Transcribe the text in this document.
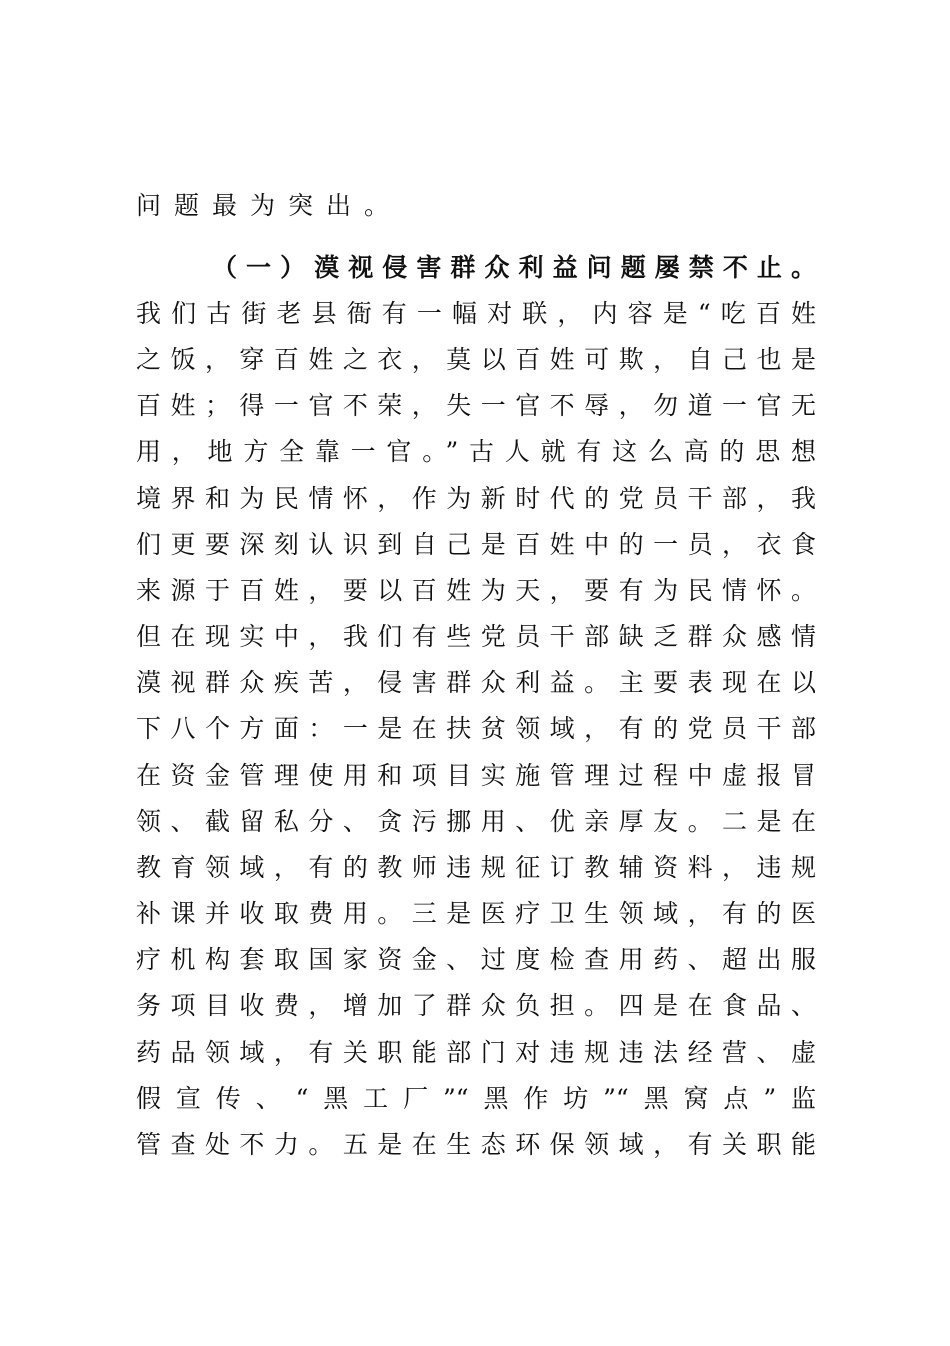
问题最为突出。
（一）漠视侵害群众利益问题屡禁不止。
我们古街老县衙有一幅对联，内容是“吃百姓
之饭，穿百姓之衣，莫以百姓可欺，自己也是
百姓；得一官不荣，失一官不辱，勿道一官无
用，地方全靠一官。”古人就有这么高的思想
境界和为民情怀，作为新时代的党员干部，我
们更要深刻认识到自己是百姓中的一员，衣食
来源于百姓，要以百姓为天，要有为民情怀。
但在现实中，我们有些党员干部缺乏群众感情
漠视群众疾苦，侵害群众利益。主要表现在以
下八个方面：一是在扶贫领域，有的党员干部
在资金管理使用和项目实施管理过程中虚报冒
领、截留私分、贪污挪用、优亲厚友。二是在
教育领域，有的教师违规征订教辅资料，违规
补课并收取费用。三是医疗卫生领域，有的医
疗机构套取国家资金、过度检查用药、超出服
务项目收费，增加了群众负担。四是在食品、
药品领域，有关职能部门对违规违法经营、虚
假宣传、“黑工厂”“黑作坊”“黑窝点”监
管查处不力。五是在生态环保领域，有关职能
